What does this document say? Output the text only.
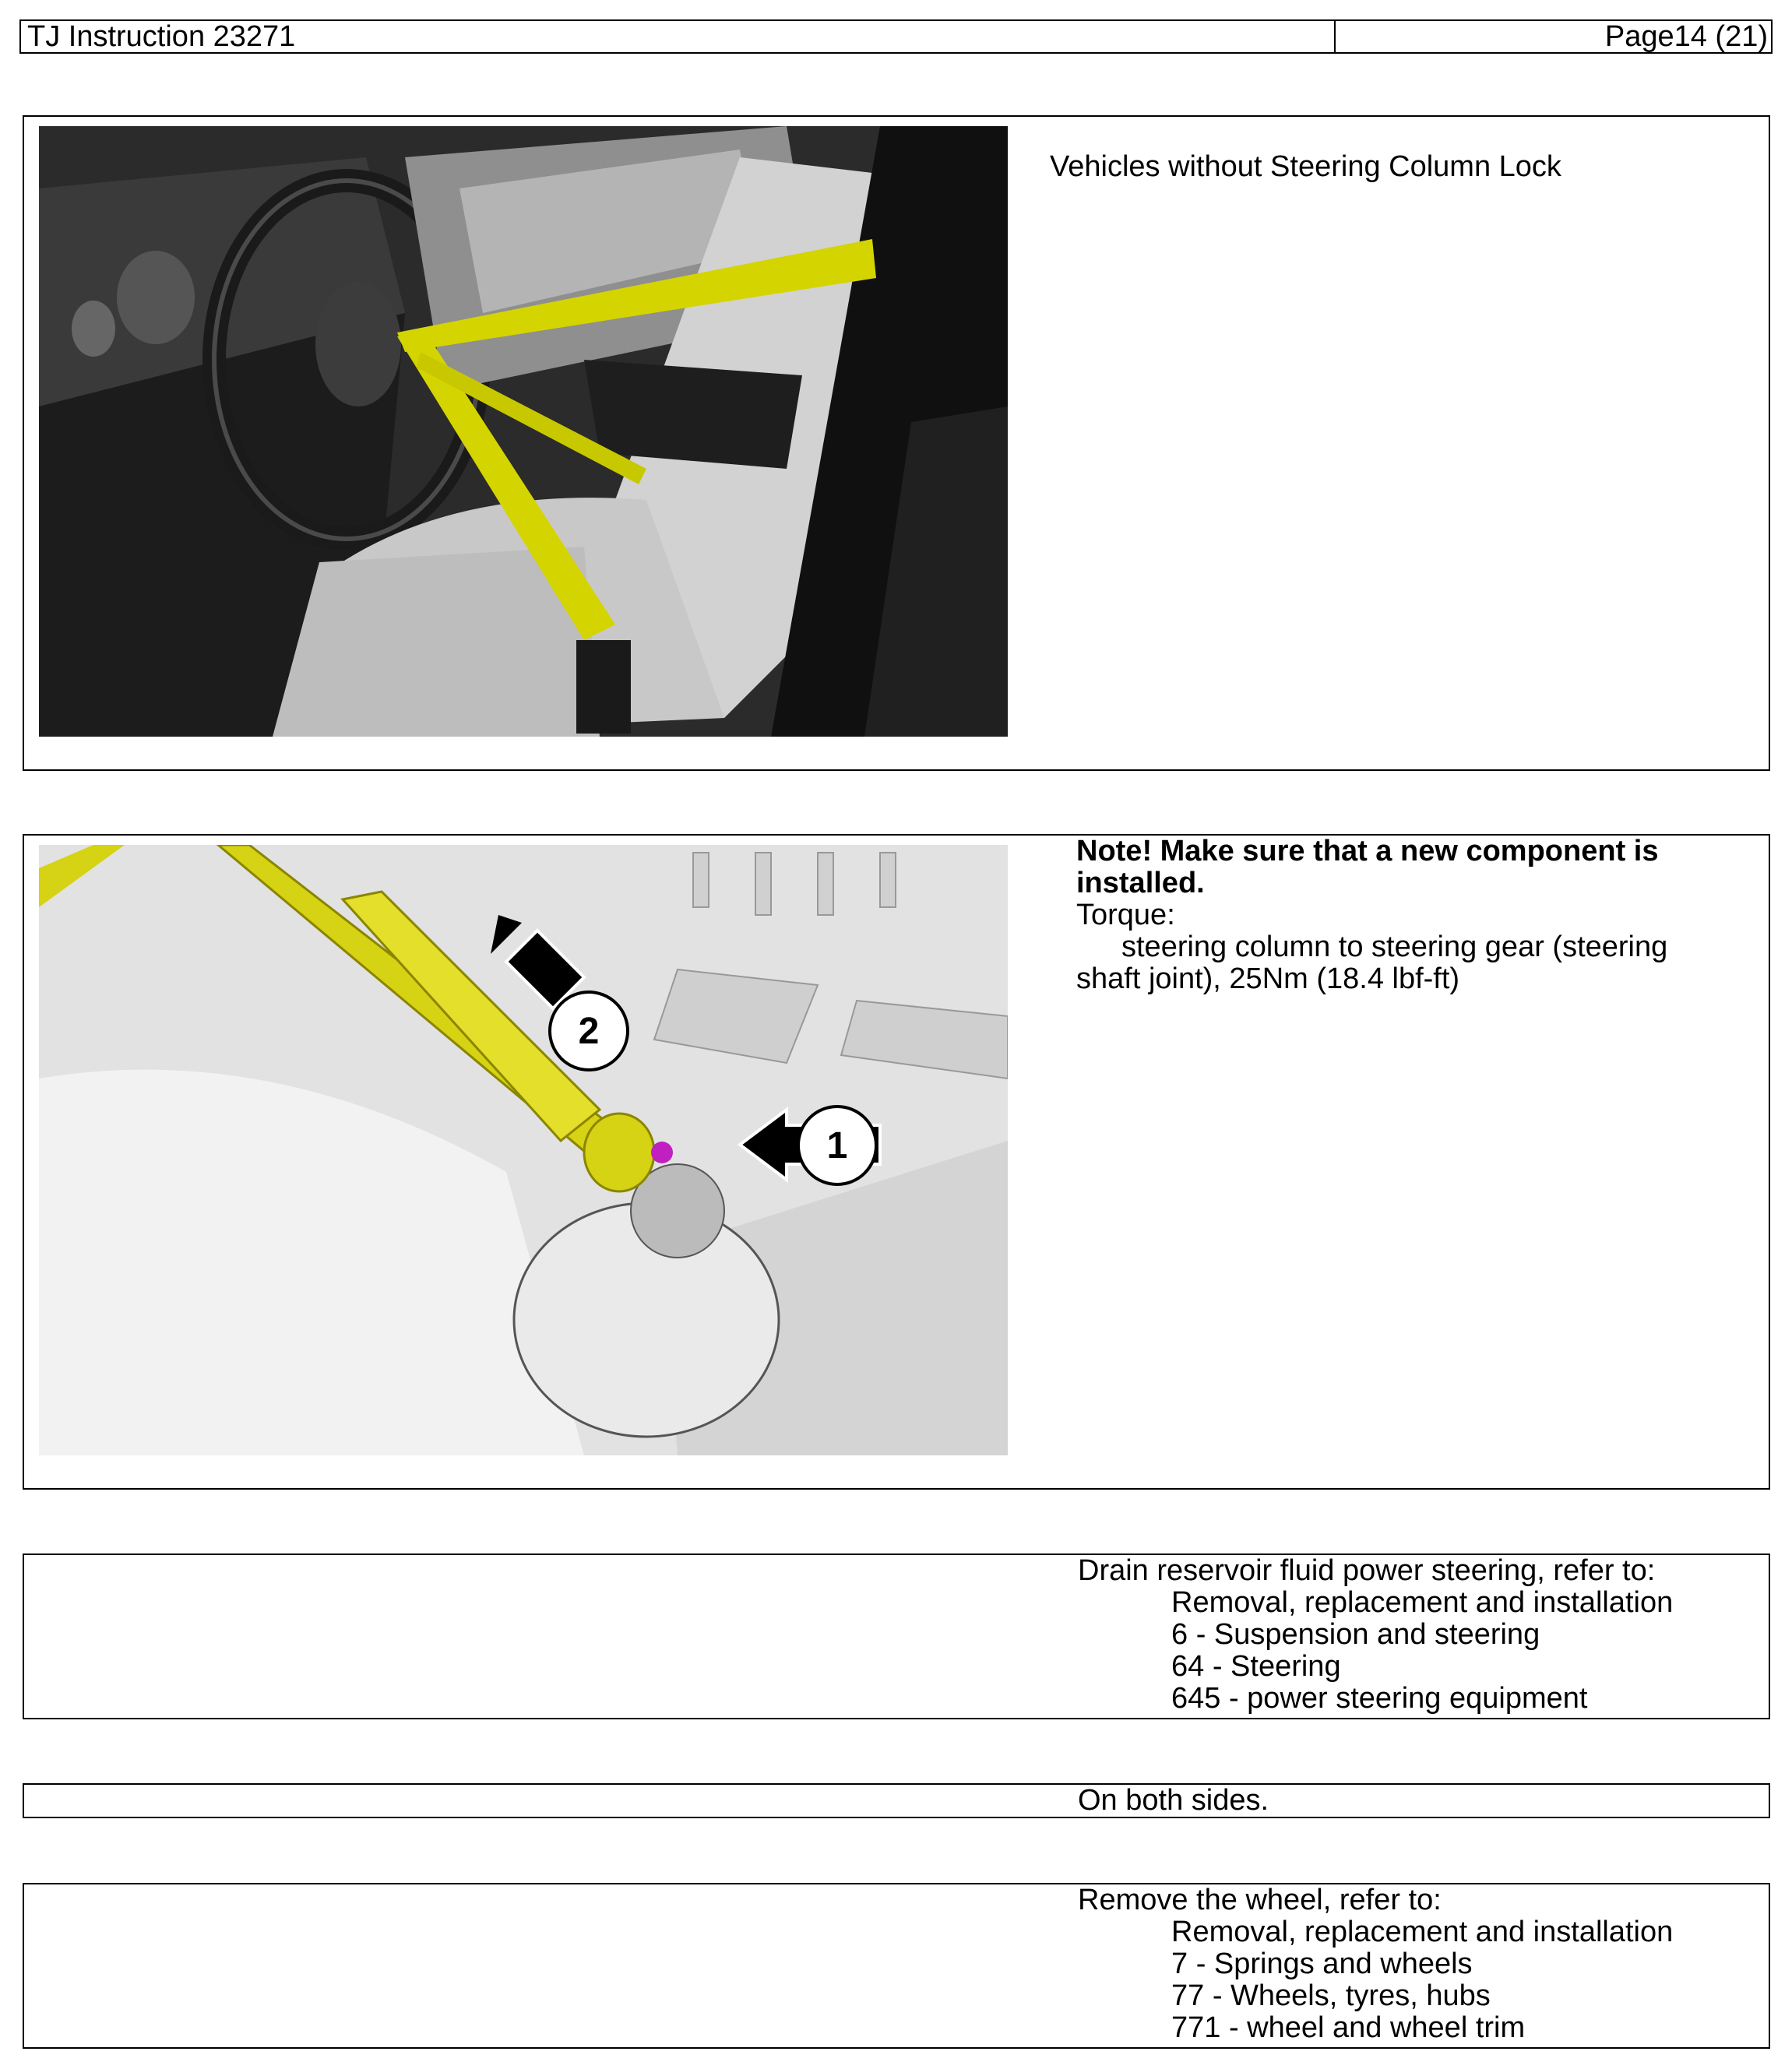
TJ Instruction 23271	Page14 (21)
Vehicles without Steering Column Lock
1
2
Note! Make sure that a new component is installed.
Torque:
steering column to steering gear (steering
shaft joint), 25Nm (18.4 lbf-ft)
Drain reservoir fluid power steering, refer to:
Removal, replacement and installation
6 - Suspension and steering
64 - Steering
645 - power steering equipment
On both sides.
Remove the wheel, refer to:
Removal, replacement and installation
7 - Springs and wheels
77 - Wheels, tyres, hubs
771 - wheel and wheel trim
